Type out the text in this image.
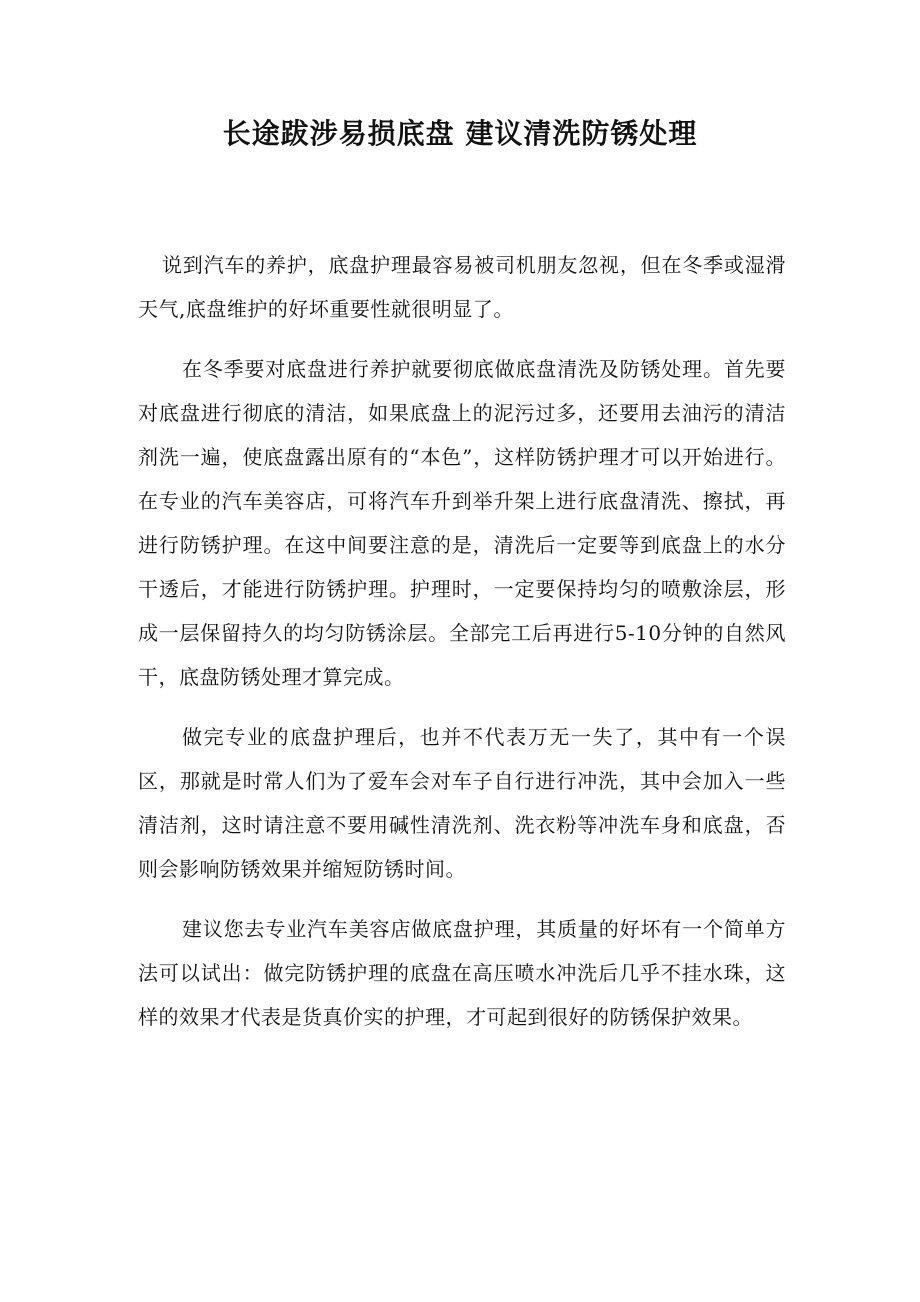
长途跋涉易损底盘 建议清洗防锈处理

说到汽车的养护，底盘护理最容易被司机朋友忽视，但在冬季或湿滑天气,底盘维护的好坏重要性就很明显了。

在冬季要对底盘进行养护就要彻底做底盘清洗及防锈处理。首先要对底盘进行彻底的清洁，如果底盘上的泥污过多，还要用去油污的清洁剂洗一遍，使底盘露出原有的“本色”，这样防锈护理才可以开始进行。在专业的汽车美容店，可将汽车升到举升架上进行底盘清洗、擦拭，再进行防锈护理。在这中间要注意的是，清洗后一定要等到底盘上的水分干透后，才能进行防锈护理。护理时，一定要保持均匀的喷敷涂层，形成一层保留持久的均匀防锈涂层。全部完工后再进行5-10分钟的自然风干，底盘防锈处理才算完成。

做完专业的底盘护理后，也并不代表万无一失了，其中有一个误区，那就是时常人们为了爱车会对车子自行进行冲洗，其中会加入一些清洁剂，这时请注意不要用碱性清洗剂、洗衣粉等冲洗车身和底盘，否则会影响防锈效果并缩短防锈时间。

建议您去专业汽车美容店做底盘护理，其质量的好坏有一个简单方法可以试出：做完防锈护理的底盘在高压喷水冲洗后几乎不挂水珠，这样的效果才代表是货真价实的护理，才可起到很好的防锈保护效果。
